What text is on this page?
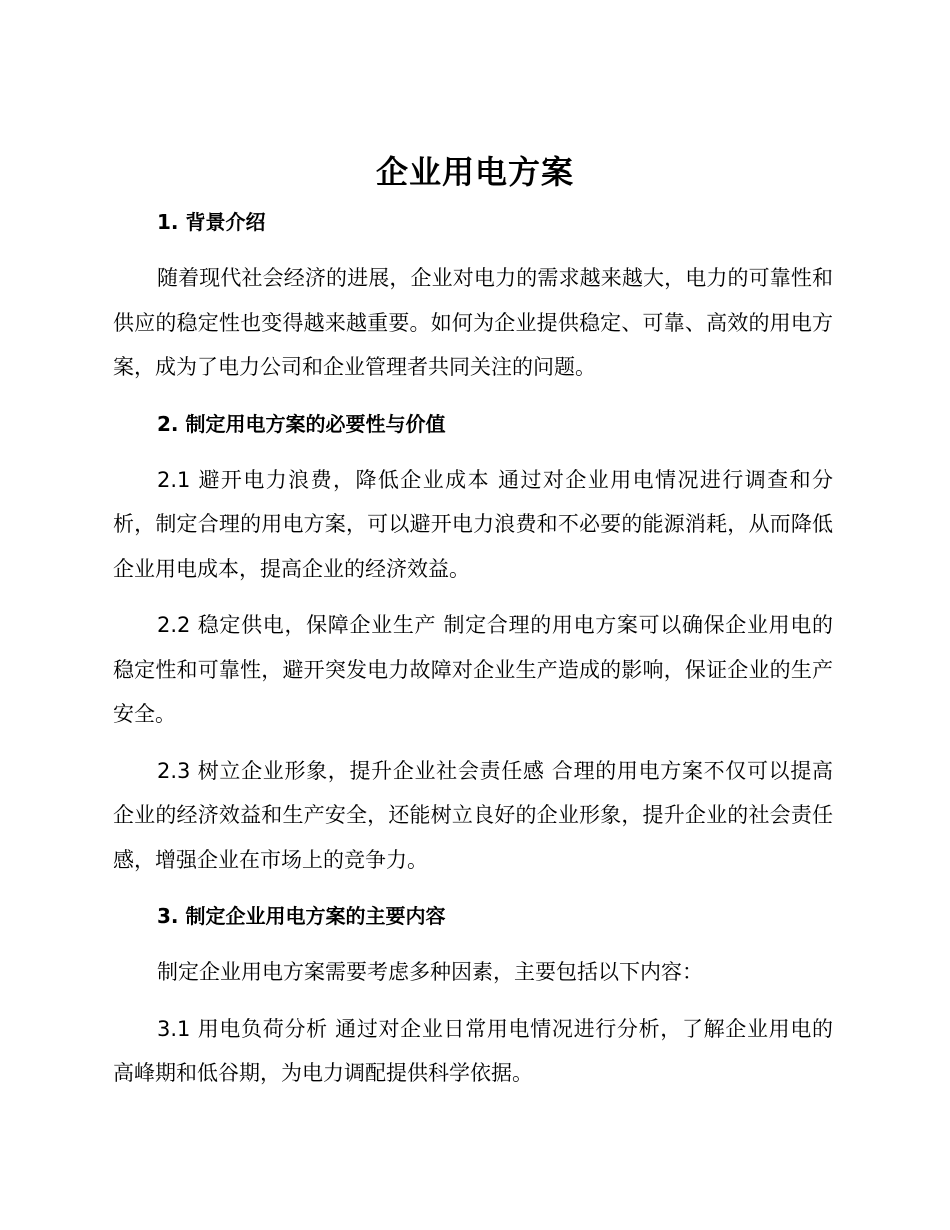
企业用电方案

1. 背景介绍

随着现代社会经济的进展，企业对电力的需求越来越大，电力的可靠性和供应的稳定性也变得越来越重要。如何为企业提供稳定、可靠、高效的用电方案，成为了电力公司和企业管理者共同关注的问题。

2. 制定用电方案的必要性与价值

2.1 避开电力浪费，降低企业成本 通过对企业用电情况进行调查和分析，制定合理的用电方案，可以避开电力浪费和不必要的能源消耗，从而降低企业用电成本，提高企业的经济效益。

2.2 稳定供电，保障企业生产 制定合理的用电方案可以确保企业用电的稳定性和可靠性，避开突发电力故障对企业生产造成的影响，保证企业的生产安全。

2.3 树立企业形象，提升企业社会责任感 合理的用电方案不仅可以提高企业的经济效益和生产安全，还能树立良好的企业形象，提升企业的社会责任感，增强企业在市场上的竞争力。

3. 制定企业用电方案的主要内容

制定企业用电方案需要考虑多种因素，主要包括以下内容：

3.1 用电负荷分析 通过对企业日常用电情况进行分析，了解企业用电的高峰期和低谷期，为电力调配提供科学依据。
